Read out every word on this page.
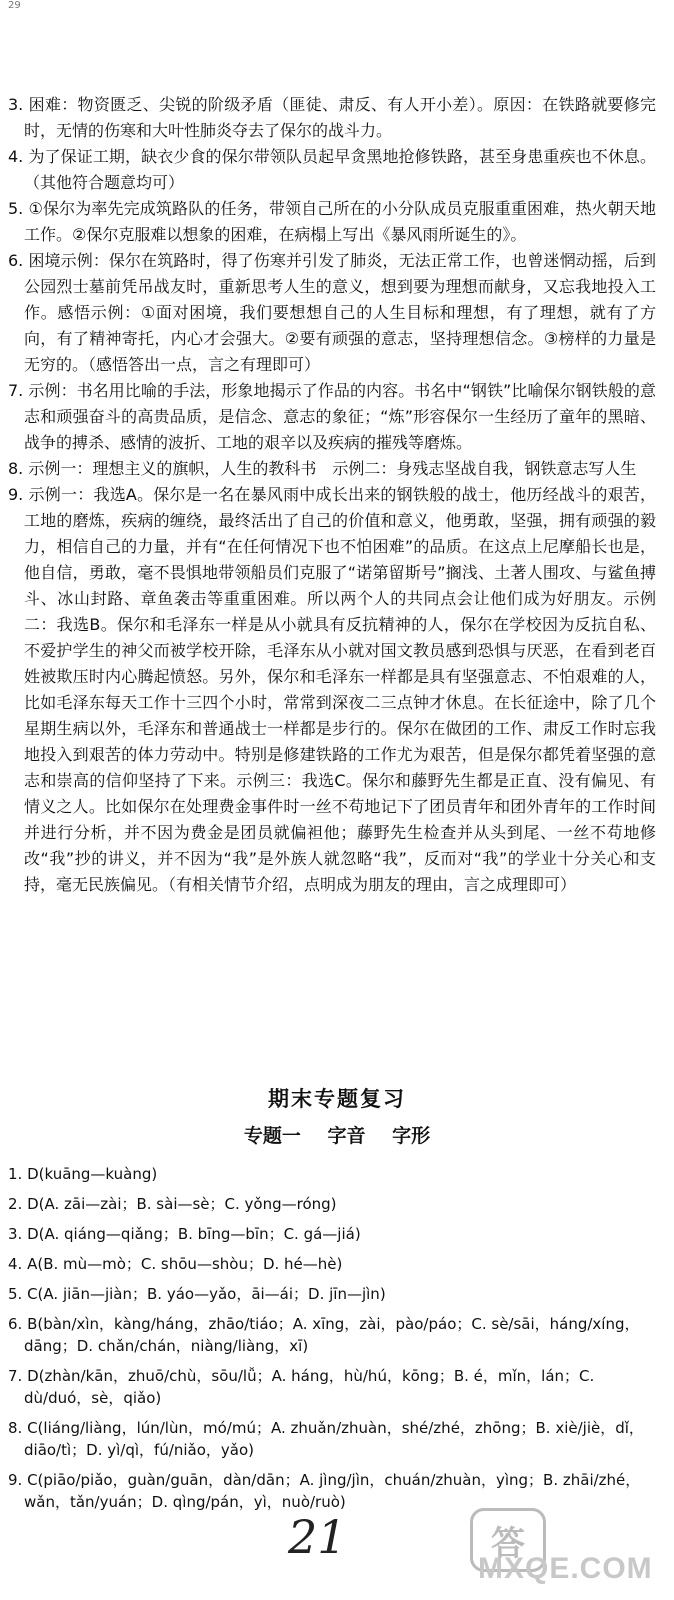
29

3. 困难：物资匮乏、尖锐的阶级矛盾（匪徒、肃反、有人开小差）。原因：在铁路就要修完时，无情的伤寒和大叶性肺炎夺去了保尔的战斗力。

4. 为了保证工期，缺衣少食的保尔带领队员起早贪黑地抢修铁路，甚至身患重疾也不休息。（其他符合题意均可）

5. ①保尔为率先完成筑路队的任务，带领自己所在的小分队成员克服重重困难，热火朝天地工作。②保尔克服难以想象的困难，在病榻上写出《暴风雨所诞生的》。

6. 困境示例：保尔在筑路时，得了伤寒并引发了肺炎，无法正常工作，也曾迷惘动摇，后到公园烈士墓前凭吊战友时，重新思考人生的意义，想到要为理想而献身，又忘我地投入工作。感悟示例：①面对困境，我们要想想自己的人生目标和理想，有了理想，就有了方向，有了精神寄托，内心才会强大。②要有顽强的意志，坚持理想信念。③榜样的力量是无穷的。（感悟答出一点，言之有理即可）

7. 示例：书名用比喻的手法，形象地揭示了作品的内容。书名中“钢铁”比喻保尔钢铁般的意志和顽强奋斗的高贵品质，是信念、意志的象征；“炼”形容保尔一生经历了童年的黑暗、战争的搏杀、感情的波折、工地的艰辛以及疾病的摧残等磨炼。

8. 示例一：理想主义的旗帜，人生的教科书　示例二：身残志坚战自我，钢铁意志写人生

9. 示例一：我选A。保尔是一名在暴风雨中成长出来的钢铁般的战士，他历经战斗的艰苦，工地的磨炼，疾病的缠绕，最终活出了自己的价值和意义，他勇敢，坚强，拥有顽强的毅力，相信自己的力量，并有“在任何情况下也不怕困难”的品质。在这点上尼摩船长也是，他自信，勇敢，毫不畏惧地带领船员们克服了“诺第留斯号”搁浅、土著人围攻、与鲨鱼搏斗、冰山封路、章鱼袭击等重重困难。所以两个人的共同点会让他们成为好朋友。示例二：我选B。保尔和毛泽东一样是从小就具有反抗精神的人，保尔在学校因为反抗自私、不爱护学生的神父而被学校开除，毛泽东从小就对国文教员感到恐惧与厌恶，在看到老百姓被欺压时内心腾起愤怒。另外，保尔和毛泽东一样都是具有坚强意志、不怕艰难的人，比如毛泽东每天工作十三四个小时，常常到深夜二三点钟才休息。在长征途中，除了几个星期生病以外，毛泽东和普通战士一样都是步行的。保尔在做团的工作、肃反工作时忘我地投入到艰苦的体力劳动中。特别是修建铁路的工作尤为艰苦，但是保尔都凭着坚强的意志和崇高的信仰坚持了下来。示例三：我选C。保尔和藤野先生都是正直、没有偏见、有情义之人。比如保尔在处理费金事件时一丝不苟地记下了团员青年和团外青年的工作时间并进行分析，并不因为费金是团员就偏袒他；藤野先生检查并从头到尾、一丝不苟地修改“我”抄的讲义，并不因为“我”是外族人就忽略“我”，反而对“我”的学业十分关心和支持，毫无民族偏见。（有相关情节介绍，点明成为朋友的理由，言之成理即可）

期末专题复习
专题一 字音 字形

1. D(kuāng—kuàng)

2. D(A. zāi—zài；B. sài—sè；C. yǒng—róng)

3. D(A. qiáng—qiǎng；B. bīng—bīn；C. gá—jiá)

4. A(B. mù—mò；C. shōu—shòu；D. hé—hè)

5. C(A. jiān—jiàn；B. yáo—yǎo，āi—ái；D. jīn—jìn)

6. B(bàn/xìn，kàng/háng，zhāo/tiáo；A. xīng，zài，pào/páo；C. sè/sāi，háng/xíng，dāng；D. chǎn/chán，niàng/liàng，xī)

7. D(zhàn/kān，zhuō/chù，sōu/lǚ；A. háng，hù/hú，kōng；B. é，mǐn，lán；C. dù/duó，sè，qiǎo)

8. C(liáng/liàng，lún/lùn，mó/mú；A. zhuǎn/zhuàn，shé/zhé，zhōng；B. xiè/jiè，dǐ，diāo/tì；D. yì/qì，fú/niǎo，yǎo)

9. C(piāo/piǎo，guàn/guān，dàn/dān；A. jìng/jìn，chuán/zhuàn，yìng；B. zhāi/zhé，wǎn，tǎn/yuán；D. qìng/pán，yì，nuò/ruò)

21	答
MXQE.COM
